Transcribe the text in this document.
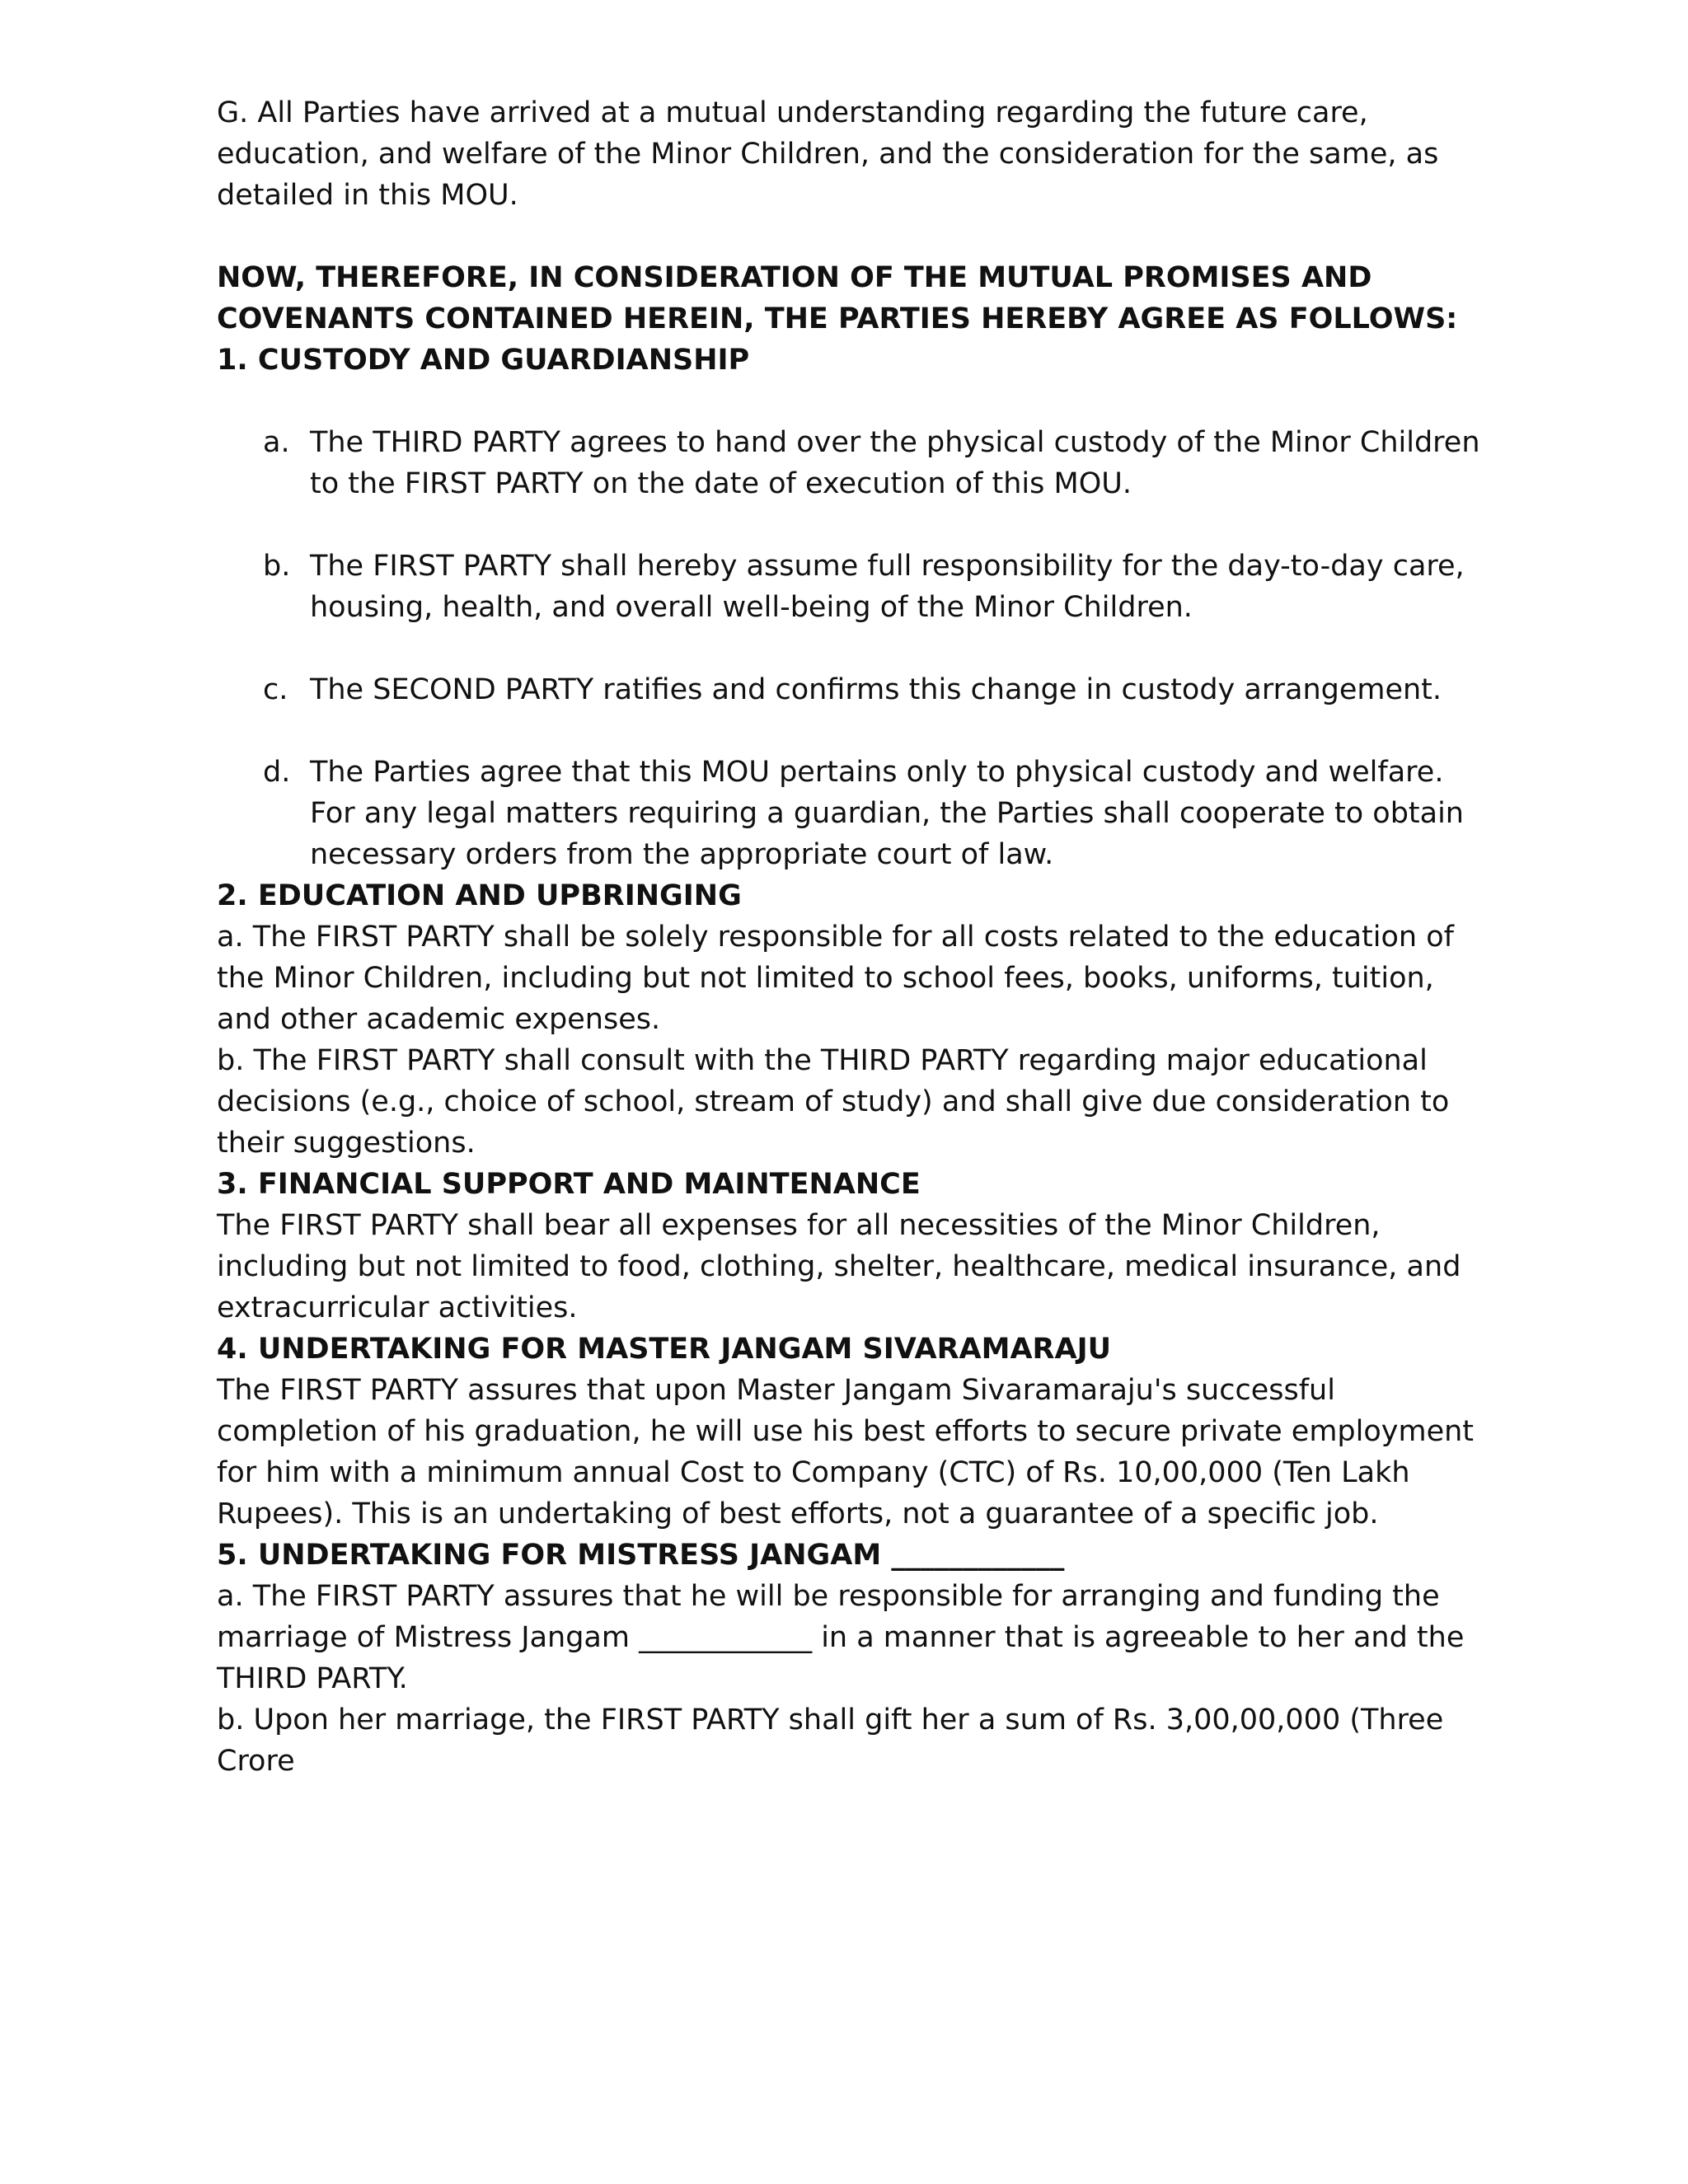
G. All Parties have arrived at a mutual understanding regarding the future care, education, and welfare of the Minor Children, and the consideration for the same, as detailed in this MOU.

NOW, THEREFORE, IN CONSIDERATION OF THE MUTUAL PROMISES AND COVENANTS CONTAINED HEREIN, THE PARTIES HEREBY AGREE AS FOLLOWS:

1. CUSTODY AND GUARDIANSHIP

a. The THIRD PARTY agrees to hand over the physical custody of the Minor Children to the FIRST PARTY on the date of execution of this MOU.
b. The FIRST PARTY shall hereby assume full responsibility for the day-to-day care, housing, health, and overall well-being of the Minor Children.
c. The SECOND PARTY ratifies and confirms this change in custody arrangement.
d. The Parties agree that this MOU pertains only to physical custody and welfare. For any legal matters requiring a guardian, the Parties shall cooperate to obtain necessary orders from the appropriate court of law.

2. EDUCATION AND UPBRINGING

a. The FIRST PARTY shall be solely responsible for all costs related to the education of the Minor Children, including but not limited to school fees, books, uniforms, tuition, and other academic expenses.

b. The FIRST PARTY shall consult with the THIRD PARTY regarding major educational decisions (e.g., choice of school, stream of study) and shall give due consideration to their suggestions.

3. FINANCIAL SUPPORT AND MAINTENANCE

The FIRST PARTY shall bear all expenses for all necessities of the Minor Children, including but not limited to food, clothing, shelter, healthcare, medical insurance, and extracurricular activities.

4. UNDERTAKING FOR MASTER JANGAM SIVARAMARAJU

The FIRST PARTY assures that upon Master Jangam Sivaramaraju's successful completion of his graduation, he will use his best efforts to secure private employment for him with a minimum annual Cost to Company (CTC) of Rs. 10,00,000 (Ten Lakh Rupees). This is an undertaking of best efforts, not a guarantee of a specific job.

5. UNDERTAKING FOR MISTRESS JANGAM ____________

a. The FIRST PARTY assures that he will be responsible for arranging and funding the marriage of Mistress Jangam ____________ in a manner that is agreeable to her and the THIRD PARTY.

b. Upon her marriage, the FIRST PARTY shall gift her a sum of Rs. 3,00,00,000 (Three Crore
